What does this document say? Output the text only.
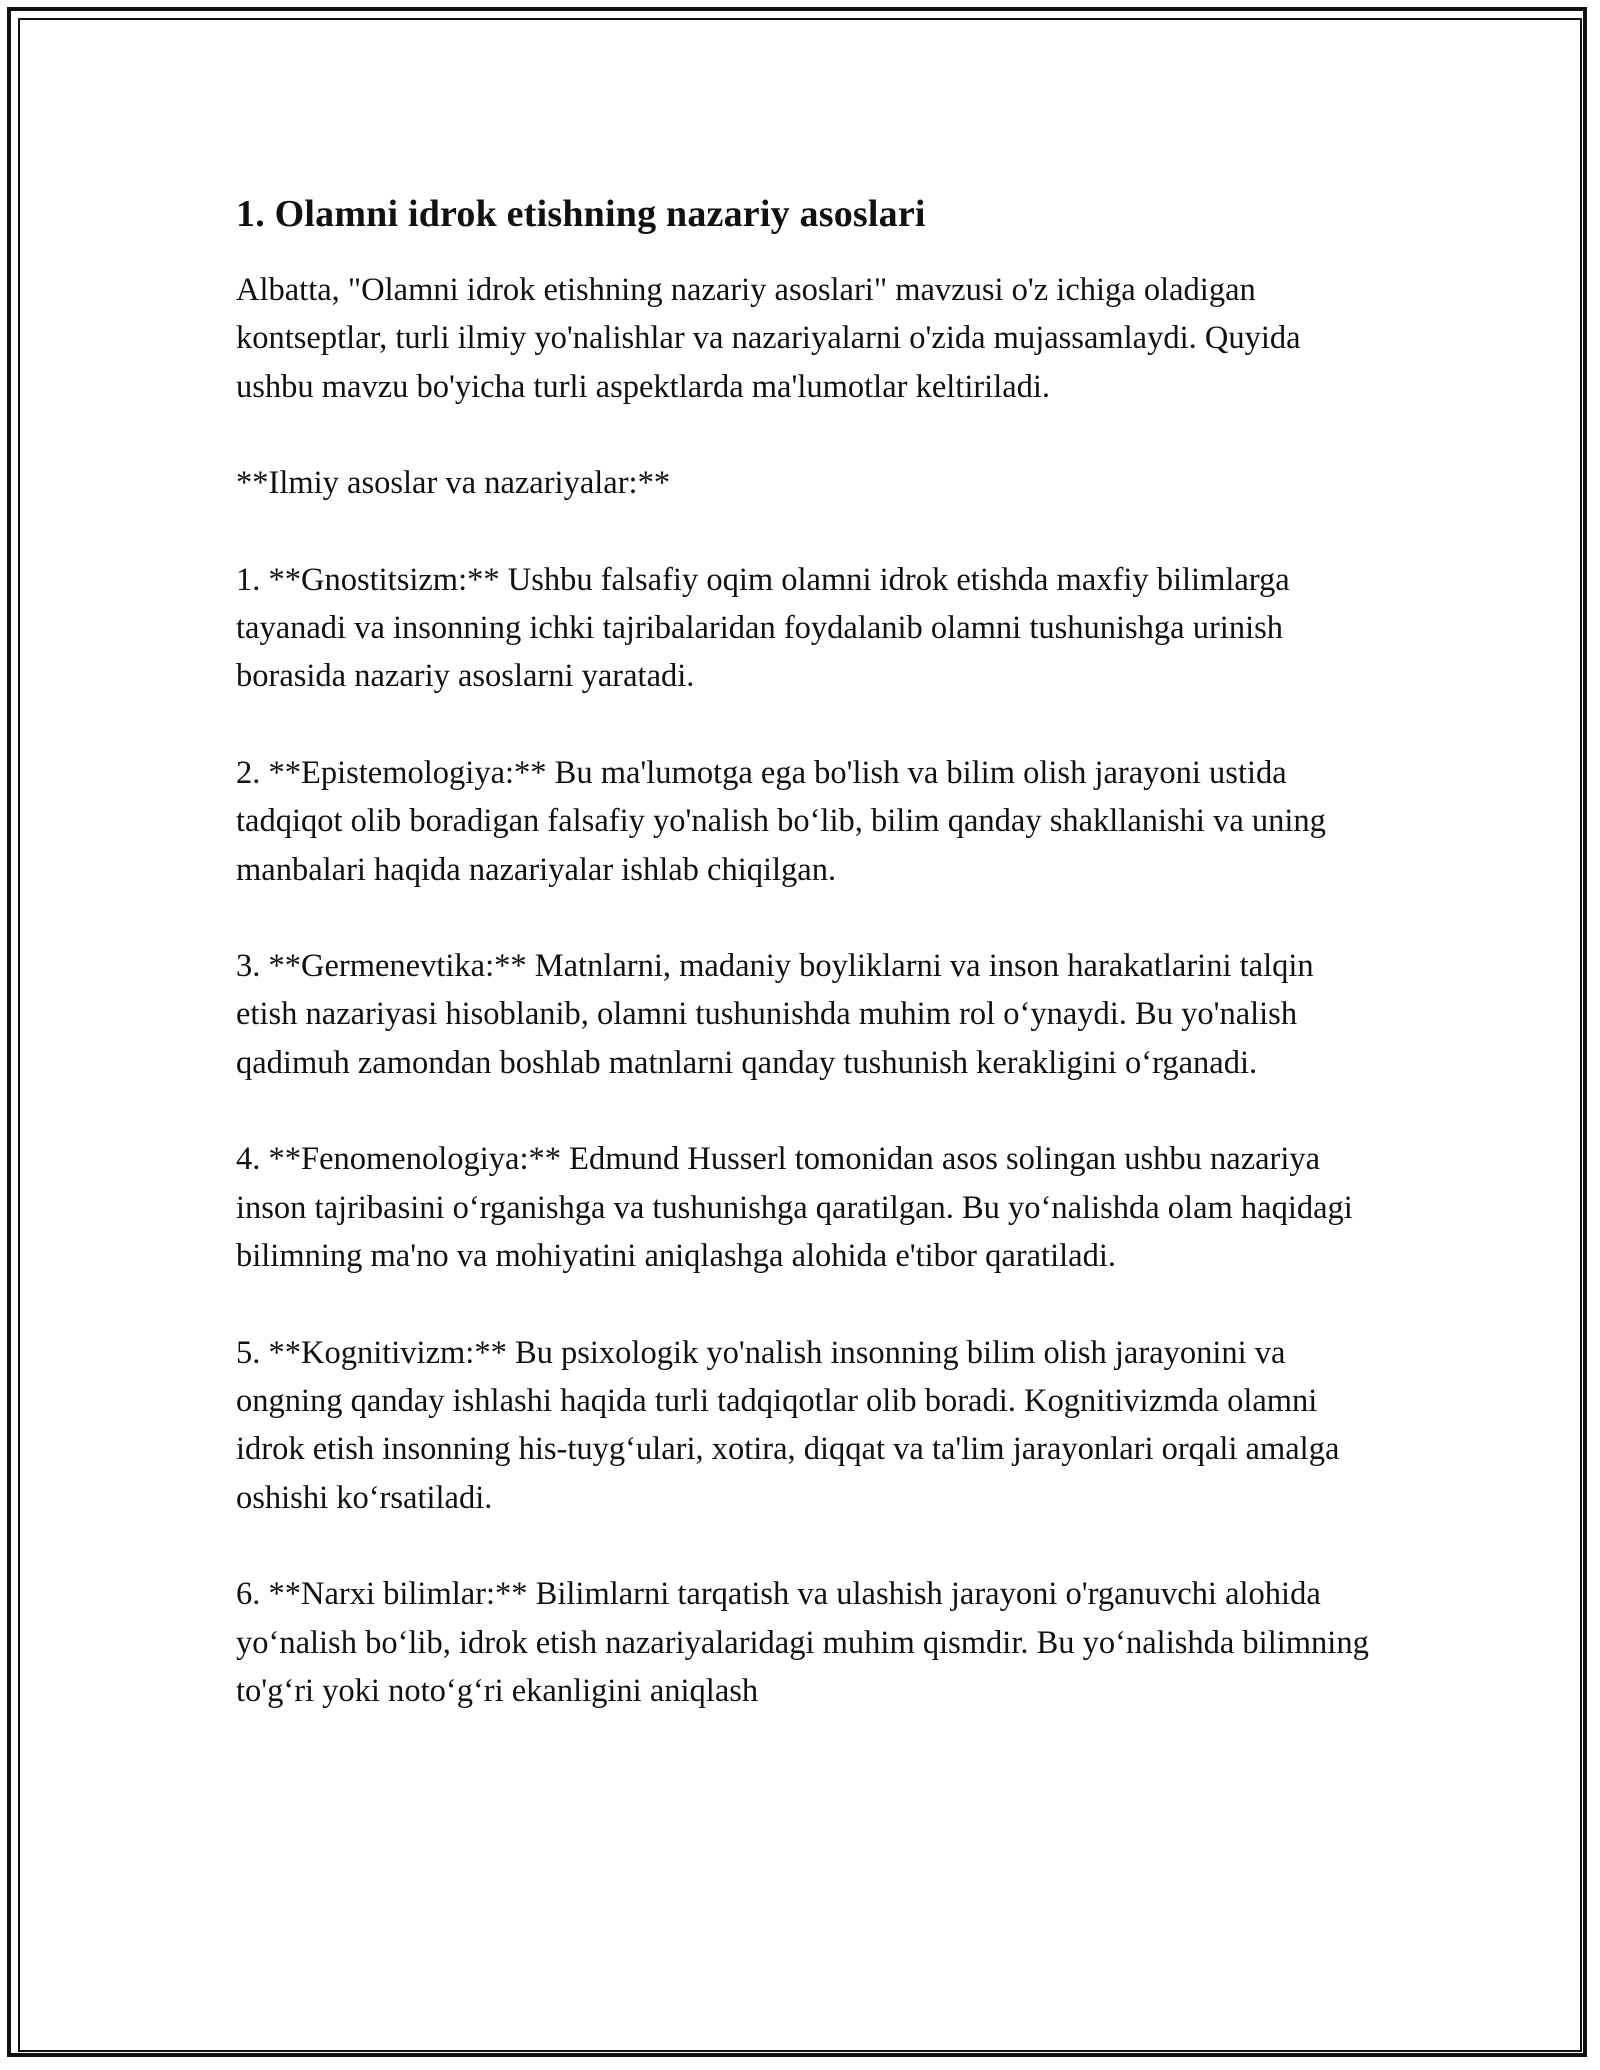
1. Olamni idrok etishning nazariy asoslari

Albatta, "Olamni idrok etishning nazariy asoslari" mavzusi o'z ichiga oladigan kontseptlar, turli ilmiy yo'nalishlar va nazariyalarni o'zida mujassamlaydi. Quyida ushbu mavzu bo'yicha turli aspektlarda ma'lumotlar keltiriladi.

**Ilmiy asoslar va nazariyalar:**

1. **Gnostitsizm:** Ushbu falsafiy oqim olamni idrok etishda maxfiy bilimlarga tayanadi va insonning ichki tajribalaridan foydalanib olamni tushunishga urinish borasida nazariy asoslarni yaratadi.

2. **Epistemologiya:** Bu ma'lumotga ega bo'lish va bilim olish jarayoni ustida tadqiqot olib boradigan falsafiy yo'nalish bo‘lib, bilim qanday shakllanishi va uning manbalari haqida nazariyalar ishlab chiqilgan.

3. **Germenevtika:** Matnlarni, madaniy boyliklarni va inson harakatlarini talqin etish nazariyasi hisoblanib, olamni tushunishda muhim rol o‘ynaydi. Bu yo'nalish qadimuh zamondan boshlab matnlarni qanday tushunish kerakligini o‘rganadi.

4. **Fenomenologiya:** Edmund Husserl tomonidan asos solingan ushbu nazariya inson tajribasini o‘rganishga va tushunishga qaratilgan. Bu yo‘nalishda olam haqidagi bilimning ma'no va mohiyatini aniqlashga alohida e'tibor qaratiladi.

5. **Kognitivizm:** Bu psixologik yo'nalish insonning bilim olish jarayonini va ongning qanday ishlashi haqida turli tadqiqotlar olib boradi. Kognitivizmda olamni idrok etish insonning his-tuyg‘ulari, xotira, diqqat va ta'lim jarayonlari orqali amalga oshishi ko‘rsatiladi.

6. **Narxi bilimlar:** Bilimlarni tarqatish va ulashish jarayoni o'rganuvchi alohida yo‘nalish bo‘lib, idrok etish nazariyalaridagi muhim qismdir. Bu yo‘nalishda bilimning to'g‘ri yoki noto‘g‘ri ekanligini aniqlash
